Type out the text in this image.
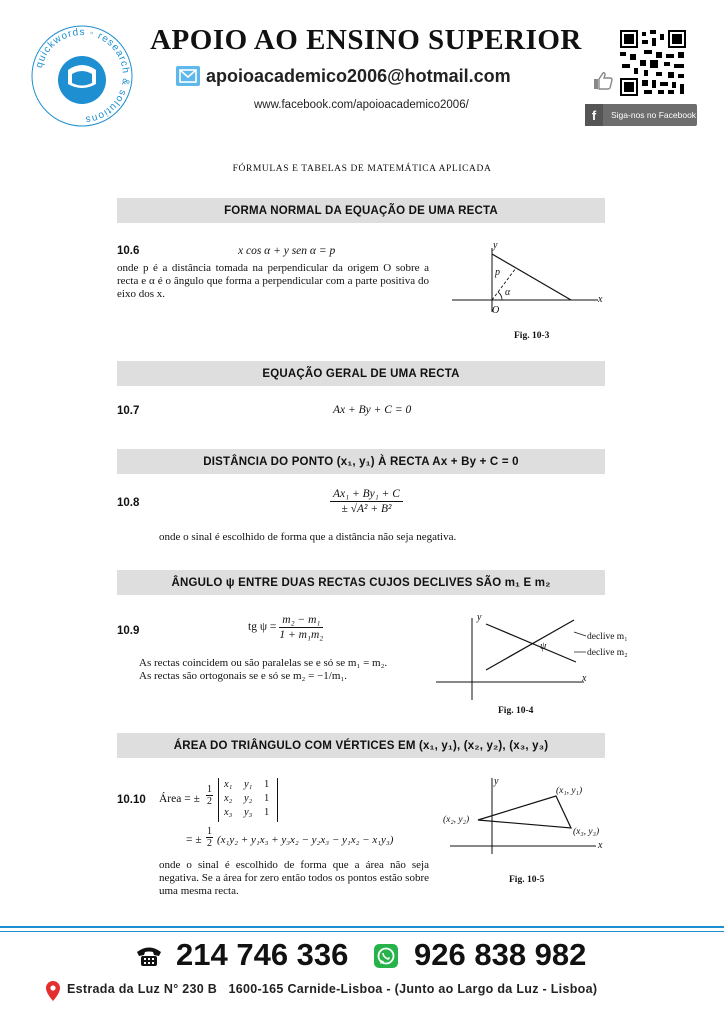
quickwords ◦ research & solutions
APOIO AO ENSINO SUPERIOR
apoioacademico2006@hotmail.com
www.facebook.com/apoioacademico2006/
f	Siga-nos no Facebook
FÓRMULAS E TABELAS DE MATEMÁTICA APLICADA
FORMA NORMAL DA EQUAÇÃO DE UMA RECTA
10.6	x cos α + y sen α = p
onde p é a distância tomada na perpendicular da origem O sobre a recta e α é o ângulo que forma a perpendicular com a parte positiva do eixo dos x.
y
x
p
α
O
Fig. 10-3
EQUAÇÃO GERAL DE UMA RECTA
10.7	Ax + By + C = 0
DISTÂNCIA DO PONTO (x₁, y₁) À RECTA Ax + By + C = 0
10.8	$\frac{\text{Ax₁ + By₁ + C}}{\text{± √A² + B²}}$
onde o sinal é escolhido de forma que a distância não seja negativa.
ÂNGULO ψ ENTRE DUAS RECTAS CUJOS DECLIVES SÃO m₁ E m₂
10.9	tg $\psi = \frac{\text{m₂ − m₁}}{\text{1 + m₁m₂}}$
As rectas coincidem ou são paralelas se e só se m₁ = m₂.
As rectas são ortogonais se e só se m₂ = −1/m₁.
y
x
ψ
declive m₁
declive m₂
Fig. 10-4
ÁREA DO TRIÂNGULO COM VÉRTICES EM (x₁, y₁), (x₂, y₂), (x₃, y₃)
10.10 Área = ± $\frac{1}{2} x_1$	y₁	1
x₂	y₂	1
x₃	y₃	1
= ± $\frac{1}{2} (x_1y_2 + y_1x_3 + y_3x_2 - y_2x_3 - y_1x_2 - x_1y_3)$
onde o sinal é escolhido de forma que a área não seja negativa. Se a área for zero então todos os pontos estão sobre uma mesma recta.
y
x
(x₁, y₁)
(x₂, y₂)
(x₃, y₃)
Fig. 10-5
214 746 336 926 838 982
Estrada da Luz N° 230 B   1600-165 Carnide-Lisboa - (Junto ao Largo da Luz - Lisboa)
